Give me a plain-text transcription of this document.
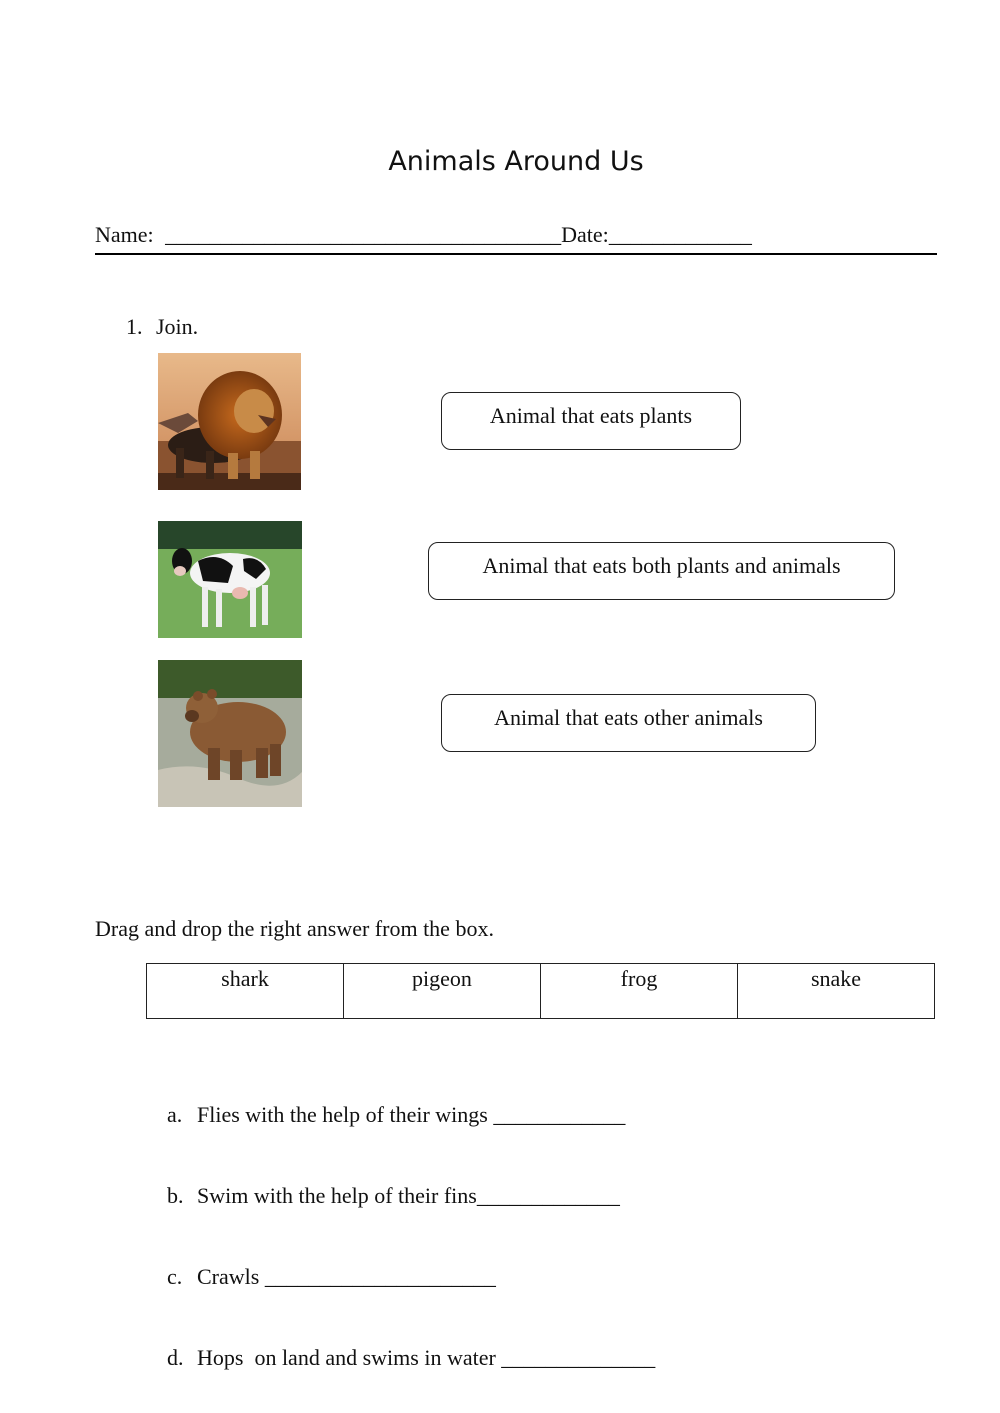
Animals Around Us
Name: ____________________________________Date:_____________
1. Join.
Animal that eats plants
Animal that eats both plants and animals
Animal that eats other animals
Drag and drop the right answer from the box.
shark	pigeon	frog	snake

a. Flies with the help of their wings ____________

b. Swim with the help of their fins_____________

c. Crawls _____________________

d. Hops  on land and swims in water ______________
